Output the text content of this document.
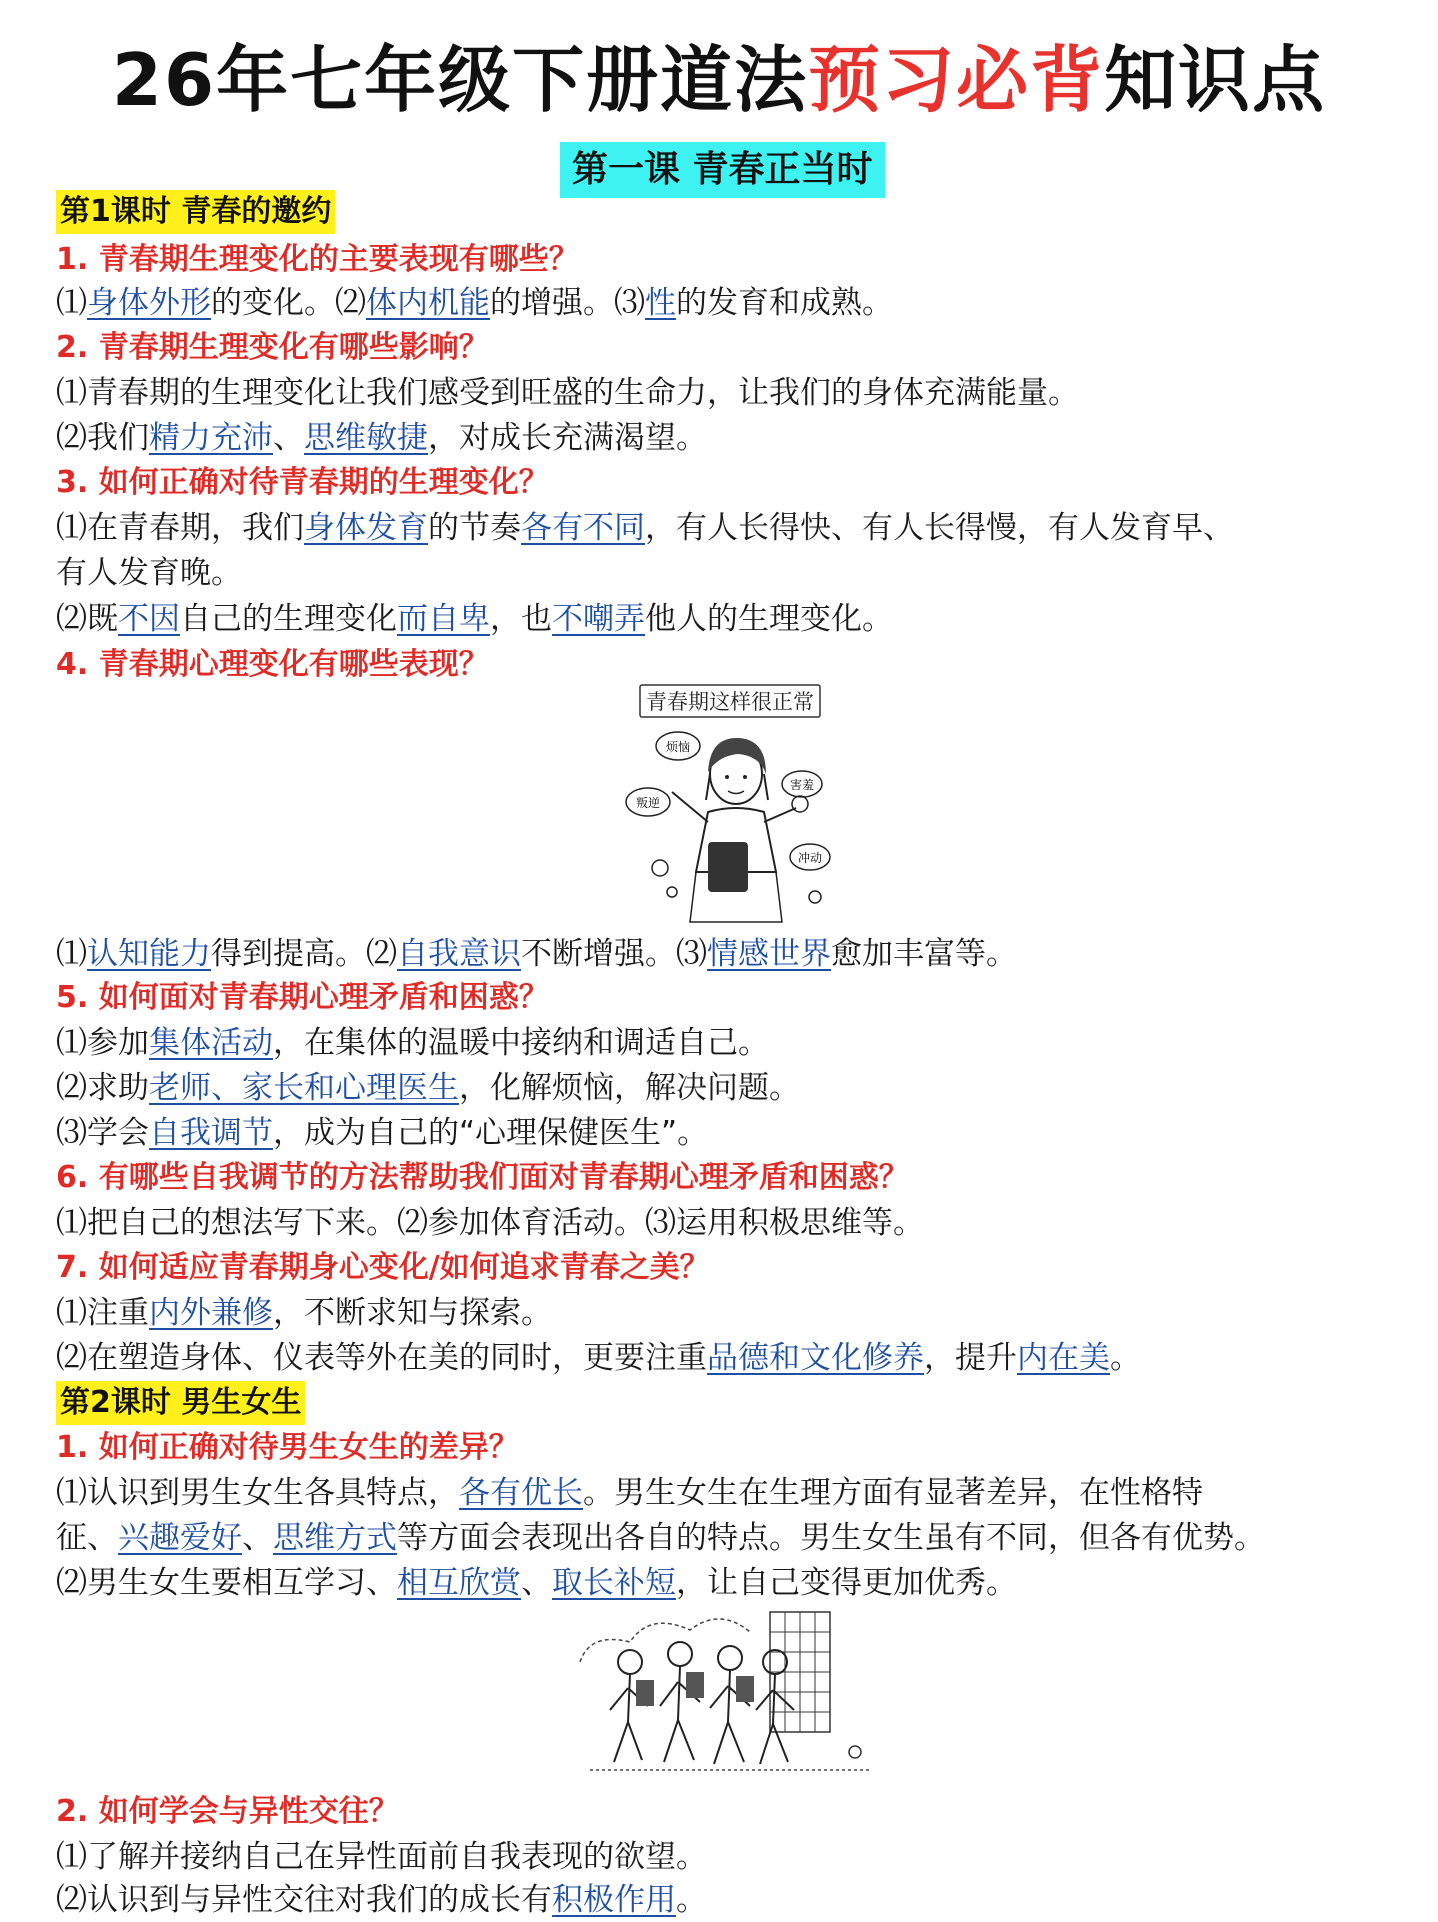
26年七年级下册道法预习必背知识点
第一课 青春正当时
第1课时 青春的邀约
1. 青春期生理变化的主要表现有哪些？
⑴身体外形的变化。⑵体内机能的增强。⑶性的发育和成熟。
2. 青春期生理变化有哪些影响？
⑴青春期的生理变化让我们感受到旺盛的生命力，让我们的身体充满能量。
⑵我们精力充沛、思维敏捷，对成长充满渴望。
3. 如何正确对待青春期的生理变化？
⑴在青春期，我们身体发育的节奏各有不同，有人长得快、有人长得慢，有人发育早、
有人发育晚。
⑵既不因自己的生理变化而自卑，也不嘲弄他人的生理变化。
4. 青春期心理变化有哪些表现？
青春期这样很正常
烦恼
叛逆
害羞
冲动
⑴认知能力得到提高。⑵自我意识不断增强。⑶情感世界愈加丰富等。
5. 如何面对青春期心理矛盾和困惑？
⑴参加集体活动，在集体的温暖中接纳和调适自己。
⑵求助老师、家长和心理医生，化解烦恼，解决问题。
⑶学会自我调节，成为自己的“心理保健医生”。
6. 有哪些自我调节的方法帮助我们面对青春期心理矛盾和困惑？
⑴把自己的想法写下来。⑵参加体育活动。⑶运用积极思维等。
7. 如何适应青春期身心变化/如何追求青春之美？
⑴注重内外兼修，不断求知与探索。
⑵在塑造身体、仪表等外在美的同时，更要注重品德和文化修养，提升内在美。
第2课时 男生女生
1. 如何正确对待男生女生的差异？
⑴认识到男生女生各具特点，各有优长。男生女生在生理方面有显著差异，在性格特
征、兴趣爱好、思维方式等方面会表现出各自的特点。男生女生虽有不同，但各有优势。
⑵男生女生要相互学习、相互欣赏、取长补短，让自己变得更加优秀。
2. 如何学会与异性交往？
⑴了解并接纳自己在异性面前自我表现的欲望。
⑵认识到与异性交往对我们的成长有积极作用。
